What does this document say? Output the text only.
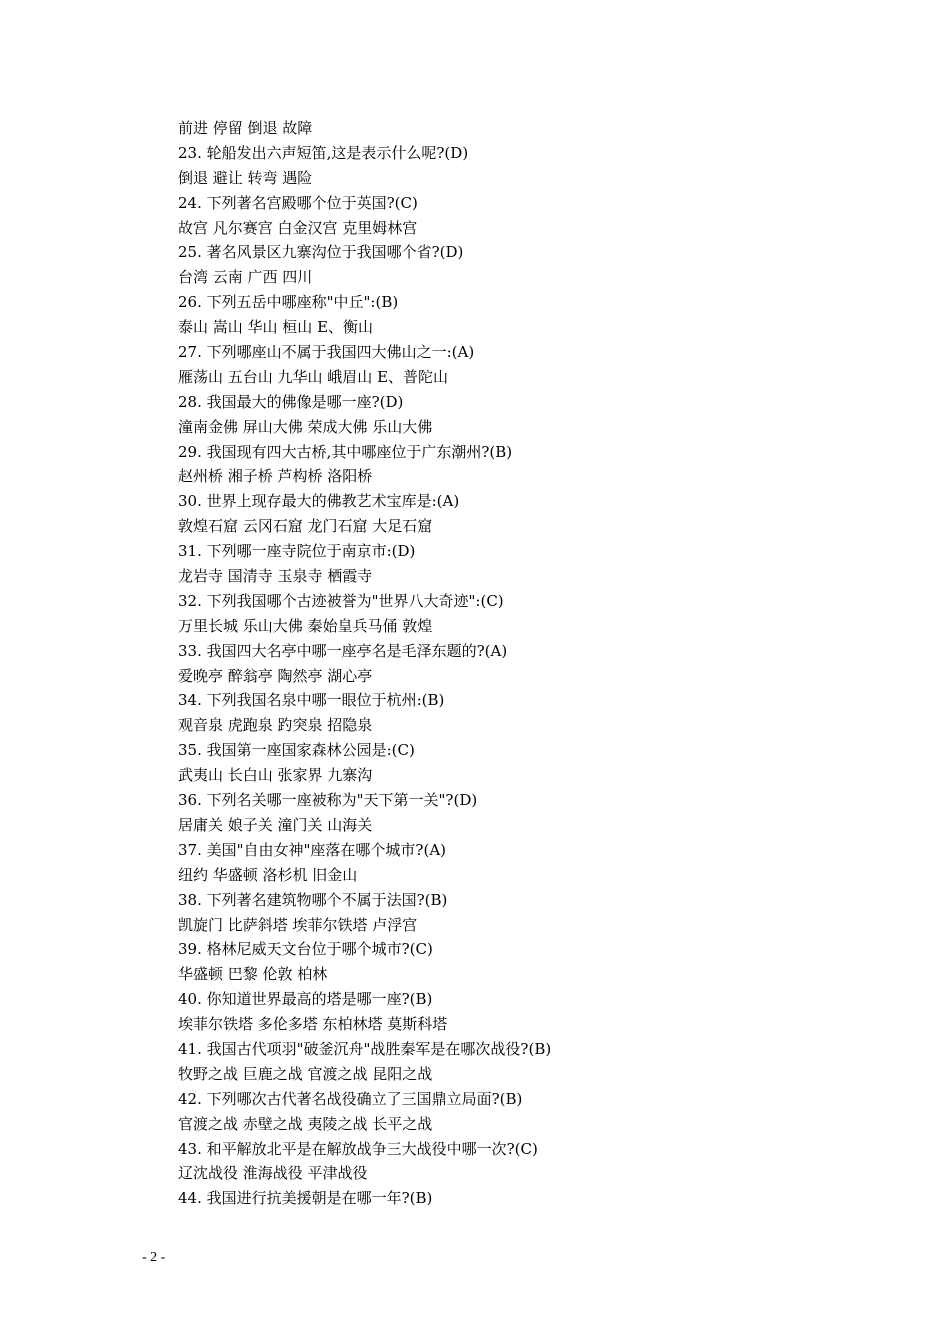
前进 停留 倒退 故障
23. 轮船发出六声短笛,这是表示什么呢?(D)
倒退 避让 转弯 遇险
24. 下列著名宫殿哪个位于英国?(C)
故宫 凡尔赛宫 白金汉宫 克里姆林宫
25. 著名风景区九寨沟位于我国哪个省?(D)
台湾 云南 广西 四川
26. 下列五岳中哪座称"中丘":(B)
泰山 嵩山 华山 桓山 E、衡山
27. 下列哪座山不属于我国四大佛山之一:(A)
雁荡山 五台山 九华山 峨眉山 E、普陀山
28. 我国最大的佛像是哪一座?(D)
潼南金佛 屏山大佛 荣成大佛 乐山大佛
29. 我国现有四大古桥,其中哪座位于广东潮州?(B)
赵州桥 湘子桥 芦构桥 洛阳桥
30. 世界上现存最大的佛教艺术宝库是:(A)
敦煌石窟 云冈石窟 龙门石窟 大足石窟
31. 下列哪一座寺院位于南京市:(D)
龙岩寺 国清寺 玉泉寺 栖霞寺
32. 下列我国哪个古迹被誉为"世界八大奇迹":(C)
万里长城 乐山大佛 秦始皇兵马俑 敦煌
33. 我国四大名亭中哪一座亭名是毛泽东题的?(A)
爱晚亭 醉翁亭 陶然亭 湖心亭
34. 下列我国名泉中哪一眼位于杭州:(B)
观音泉 虎跑泉 趵突泉 招隐泉
35. 我国第一座国家森林公园是:(C)
武夷山 长白山 张家界 九寨沟
36. 下列名关哪一座被称为"天下第一关"?(D)
居庸关 娘子关 潼门关 山海关
37. 美国"自由女神"座落在哪个城市?(A)
纽约 华盛顿 洛杉机 旧金山
38. 下列著名建筑物哪个不属于法国?(B)
凯旋门 比萨斜塔 埃菲尔铁塔 卢浮宫
39. 格林尼威天文台位于哪个城市?(C)
华盛顿 巴黎 伦敦 柏林
40. 你知道世界最高的塔是哪一座?(B)
埃菲尔铁塔 多伦多塔 东柏林塔 莫斯科塔
41. 我国古代项羽"破釜沉舟"战胜秦军是在哪次战役?(B)
牧野之战 巨鹿之战 官渡之战 昆阳之战
42. 下列哪次古代著名战役确立了三国鼎立局面?(B)
官渡之战 赤壁之战 夷陵之战 长平之战
43. 和平解放北平是在解放战争三大战役中哪一次?(C)
辽沈战役 淮海战役 平津战役
44. 我国进行抗美援朝是在哪一年?(B)
- 2 -
